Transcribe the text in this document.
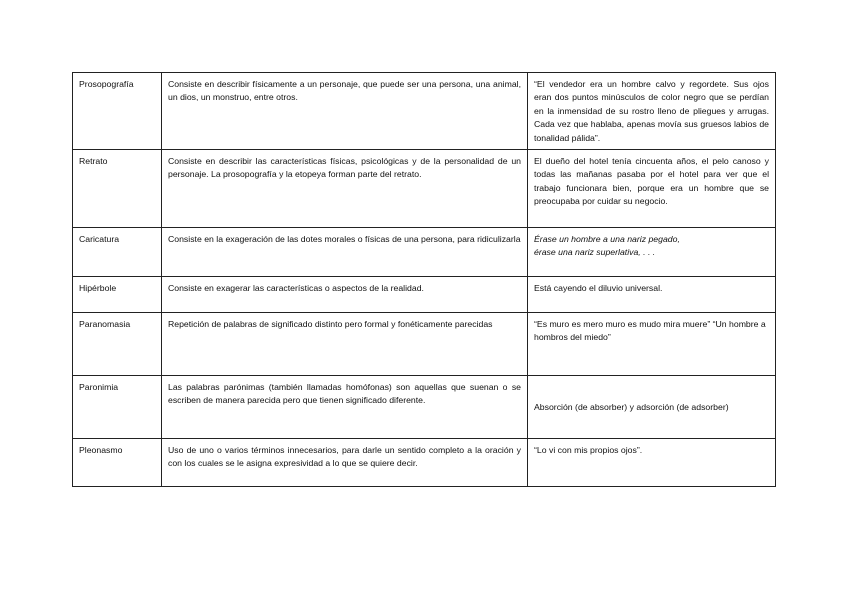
Prosopografía	Consiste en describir físicamente a un personaje, que puede ser una persona, una animal, un dios, un monstruo, entre otros.	“El vendedor era un hombre calvo y regordete. Sus ojos eran dos puntos minúsculos de color negro que se perdían en la inmensidad de su rostro lleno de pliegues y arrugas. Cada vez que hablaba, apenas movía sus gruesos labios de tonalidad pálida”.
Retrato	Consiste en describir las características físicas, psicológicas y de la personalidad de un personaje. La prosopografía y la etopeya forman parte del retrato.	El dueño del hotel tenía cincuenta años, el pelo canoso y todas las mañanas pasaba por el hotel para ver que el trabajo funcionara bien, porque era un hombre que se preocupaba por cuidar su negocio.
Caricatura	Consiste en la exageración de las dotes morales o físicas de una persona, para ridiculizarla	Érase un hombre a una nariz pegado,
érase una nariz superlativa, . . .

Hipérbole	Consiste en exagerar las características o aspectos de la realidad.	Está cayendo el diluvio universal.
Paranomasia	Repetición de palabras de significado distinto pero formal y fonéticamente parecidas	“Es muro es mero muro es mudo mira muere” “Un hombre a hombros del miedo”
Paronimia	Las palabras parónimas (también llamadas homófonas) son aquellas que suenan o se escriben de manera parecida pero que tienen significado diferente.	Absorción (de absorber) y adsorción (de adsorber)
Pleonasmo	Uso de uno o varios términos innecesarios, para darle un sentido completo a la oración y con los cuales se le asigna expresividad a lo que se quiere decir.	“Lo vi con mis propios ojos”.
